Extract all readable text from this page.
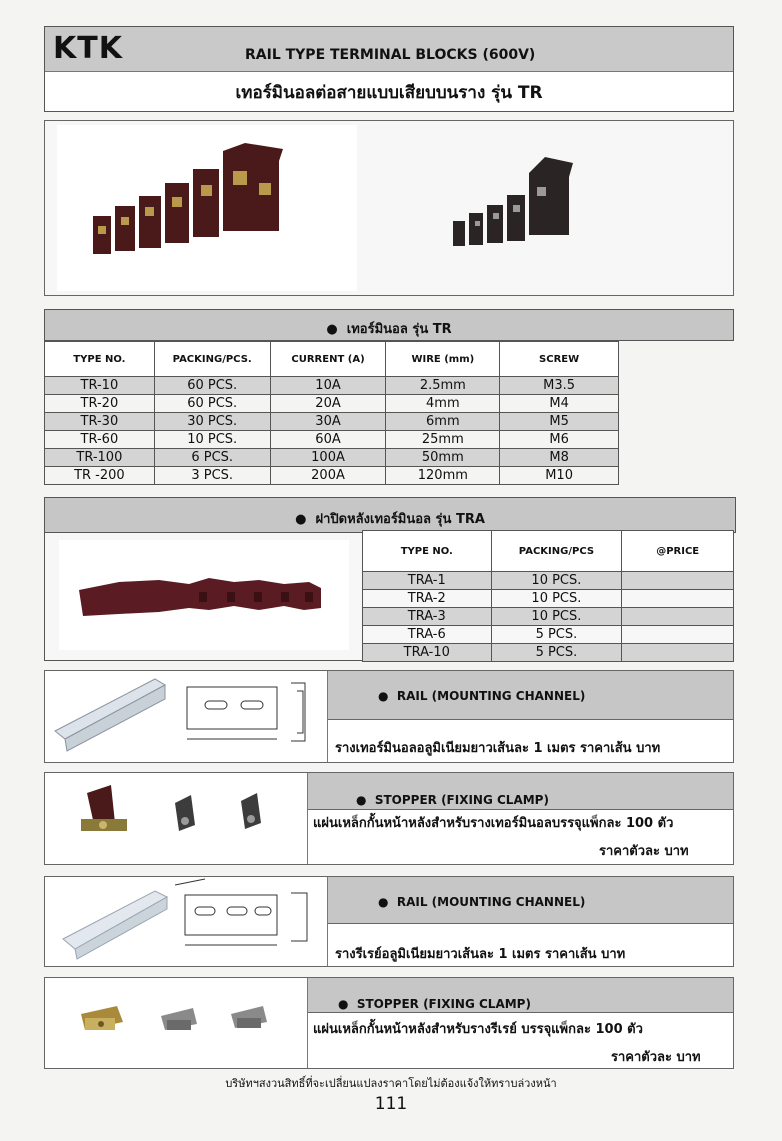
KTK	RAIL TYPE TERMINAL BLOCKS (600V)
เทอร์มินอลต่อสายแบบเสียบบนราง รุ่น TR
●  เทอร์มินอล รุ่น TR
TYPE NO.	PACKING/PCS.	CURRENT (A)	WIRE (mm)	SCREW
TR-10	60 PCS.	10A	2.5mm	M3.5
TR-20	60 PCS.	20A	4mm	M4
TR-30	30 PCS.	30A	6mm	M5
TR-60	10 PCS.	60A	25mm	M6
TR-100	6 PCS.	100A	50mm	M8
TR -200	3 PCS.	200A	120mm	M10
●  ฝาปิดหลังเทอร์มินอล รุ่น TRA
TYPE NO.	PACKING/PCS	@PRICE
TRA-1	10 PCS.	
TRA-2	10 PCS.	
TRA-3	10 PCS.	
TRA-6	5 PCS.	
TRA-10	5 PCS.	
●  RAIL (MOUNTING CHANNEL)
รางเทอร์มินอลอลูมิเนียมยาวเส้นละ 1 เมตร ราคาเส้น บาท
●  STOPPER (FIXING CLAMP)
แผ่นเหล็กกั้นหน้าหลังสำหรับรางเทอร์มินอลบรรจุแพ็กละ 100 ตัว
ราคาตัวละ บาท
●  RAIL (MOUNTING CHANNEL)
รางรีเรย์อลูมิเนียมยาวเส้นละ 1 เมตร ราคาเส้น บาท
●  STOPPER (FIXING CLAMP)
แผ่นเหล็กกั้นหน้าหลังสำหรับรางรีเรย์ บรรจุแพ็กละ 100 ตัว
ราคาตัวละ บาท
บริษัทฯสงวนสิทธิ์ที่จะเปลี่ยนแปลงราคาโดยไม่ต้องแจ้งให้ทราบล่วงหน้า
111
